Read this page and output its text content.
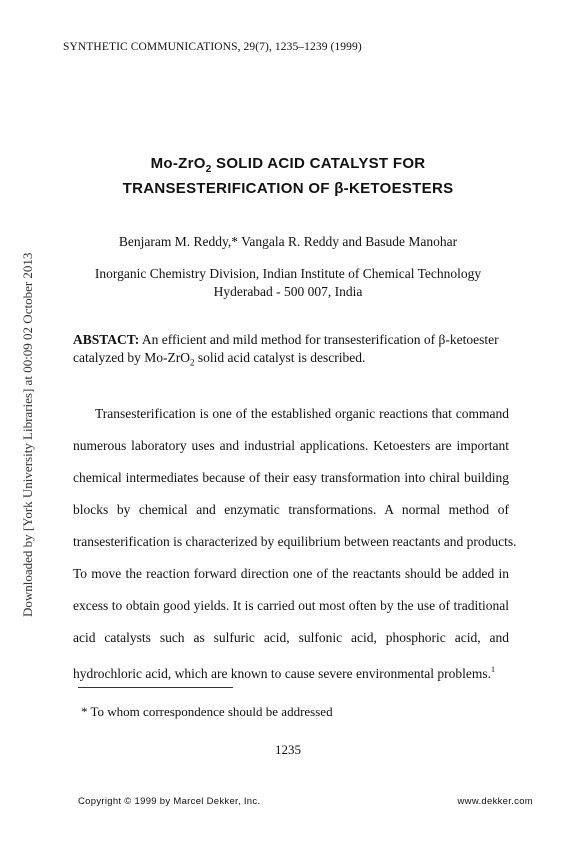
SYNTHETIC COMMUNICATIONS, 29(7), 1235–1239 (1999)
Mo-ZrO$_2$ SOLID ACID CATALYST FOR
TRANSESTERIFICATION OF β-KETOESTERS
Benjaram M. Reddy,* Vangala R. Reddy and Basude Manohar
Inorganic Chemistry Division, Indian Institute of Chemical Technology
Hyderabad - 500 007, India
ABSTACT: An efficient and mild method for transesterification of β-ketoester catalyzed by Mo-ZrO$_2$ solid acid catalyst is described.
Transesterification is one of the established organic reactions that command
numerous laboratory uses and industrial applications. Ketoesters are important
chemical intermediates because of their easy transformation into chiral building
blocks by chemical and enzymatic transformations. A normal method of
transesterification is characterized by equilibrium between reactants and products.
To move the reaction forward direction one of the reactants should be added in
excess to obtain good yields. It is carried out most often by the use of traditional
acid catalysts such as sulfuric acid, sulfonic acid, phosphoric acid, and
hydrochloric acid, which are known to cause severe environmental problems.$^1$
* To whom correspondence should be addressed
1235
Copyright © 1999 by Marcel Dekker, Inc.	www.dekker.com
Downloaded by [York University Libraries] at 00:09 02 October 2013
